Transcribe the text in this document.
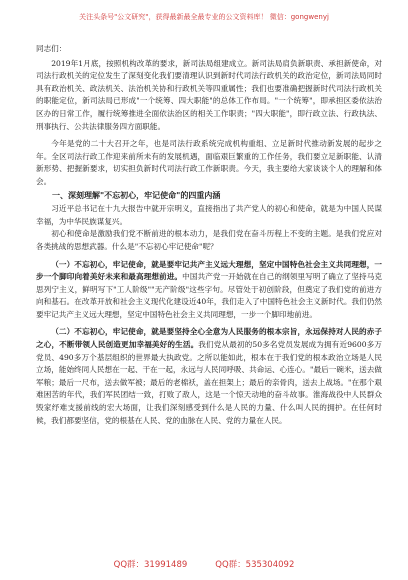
关注头条号"公文研究"，获得最新最全最专业的公文资料库！ 微信：gongwenyj

同志们：

2019年1月底，按照机构改革的要求，新司法局组建成立。新司法局肩负新职责、承担新使命，对司法行政机关的定位发生了深刻变化我们要清理认识到新时代司法行政机关的政治定位，新司法局同时具有政治机关、政法机关、法治机关协和行政机关等四重属性；我们也要准确把握新时代司法行政机关的职能定位，新司法局已形成"一个统筹、四大职能"的总体工作布局。"一个统筹"，即承担区委依法治区办的日常工作，履行统筹推进全面依法治区的相关工作职责；"四大职能"，即行政立法、行政执法、刑事执行、公共法律服务四方面职能。

今年是党的二十大召开之年，也是司法行政系统完成机构重组、立足新时代推动新发展的起步之年。全区司法行政工作迎来前所未有的发展机遇，面临艰巨繁重的工作任务，我们要立足新职能、认清新形势、把握新要求，切实担负新时代司法行政工作新职责。今天，我主要给大家谈谈个人的理解和体会。

一、深刻理解"不忘初心，牢记使命"的四重内涵

习近平总书记在十九大报告中就开宗明义，直接指出了共产党人的初心和使命，就是为中国人民谋幸福，为中华民族谋复兴。

初心和使命是激励我们党不断前进的根本动力，是我们党在奋斗历程上不变的主题。是我们党应对各类挑战的思想武器。什么是"不忘初心牢记使命"呢？

（一）不忘初心，牢记使命，就是要牢记共产主义远大理想，坚定中国特色社会主义共同理想，一步一个脚印向着美好未来和最高理想前进。中国共产党一开始就在自己的纲领里写明了确立了坚持马克思列宁主义，鲜明写下"工人阶级""无产阶级"这些字句。尽管处于初创阶段，但奠定了我们党的前进方向和基石。在改革开放和社会主义现代化建设近40年，我们走入了中国特色社会主义新时代。我们仍然要牢记共产主义远大理想，坚定中国特色社会主义共同理想，一步一个脚印地前进。

（二）不忘初心，牢记使命，就是要坚持全心全意为人民服务的根本宗旨，永远保持对人民的赤子之心，不断带领人民创造更加幸福美好的生活。我们党从最初的50多名党员发展成为拥有近9600多万党员、490多万个基层组织的世界最大执政党。之所以能如此，根本在于我们党的根本政治立场是人民立场，能始终同人民想在一起、干在一起，永远与人民同呼吸、共命运、心连心。"最后一碗米，送去做军粮；最后一尺布，送去做军被；最后的老棉袄，盖在担架上；最后的亲骨肉，送去上战场。"在那个艰难困苦的年代，我们军民团结一致，打败了敌人，这是一个惊天动地的奋斗故事。淮海战役中人民群众毁家纾难支援前线的宏大场面，让我们深刻感受到什么是人民的力量、什么叫人民的拥护。在任何时候，我们都要坚信，党的根基在人民、党的血脉在人民、党的力量在人民。

QQ群：31991489	QQ群：535304092
